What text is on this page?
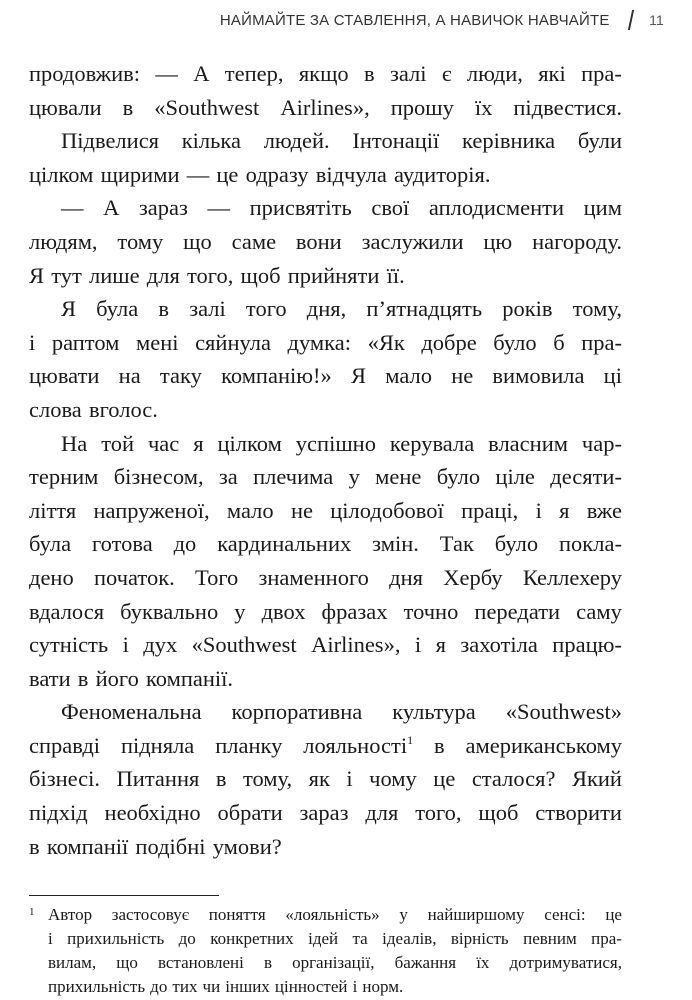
НАЙМАЙТЕ ЗА СТАВЛЕННЯ, А НАВИЧОК НАВЧАЙТЕ	11
продовжив: — А тепер, якщо в залі є люди, які пра-
цювали в «Southwest Airlines», прошу їх підвестися.
Підвелися кілька людей. Інтонації керівника були
цілком щирими — це одразу відчула аудиторія.
— А зараз — присвятіть свої аплодисменти цим
людям, тому що саме вони заслужили цю нагороду.
Я тут лише для того, щоб прийняти її.
Я була в залі того дня, п’ятнадцять років тому,
і раптом мені сяйнула думка: «Як добре було б пра-
цювати на таку компанію!» Я мало не вимовила ці
слова вголос.
На той час я цілком успішно керувала власним чар-
терним бізнесом, за плечима у мене було ціле десяти-
ліття напруженої, мало не цілодобової праці, і я вже
була готова до кардинальних змін. Так було покла-
дено початок. Того знаменного дня Хербу Келлехеру
вдалося буквально у двох фразах точно передати саму
сутність і дух «Southwest Airlines», і я захотіла працю-
вати в його компанії.
Феноменальна корпоративна культура «Southwest»
справді підняла планку лояльності$^1$ в американському
бізнесі. Питання в тому, як і чому це сталося? Який
підхід необхідно обрати зараз для того, щоб створити
в компанії подібні умови?
1 Автор застосовує поняття «лояльність» у найширшому сенсі: це
і прихильність до конкретних ідей та ідеалів, вірність певним пра-
вилам, що встановлені в організації, бажання їх дотримуватися,
прихильність до тих чи інших цінностей і норм.
